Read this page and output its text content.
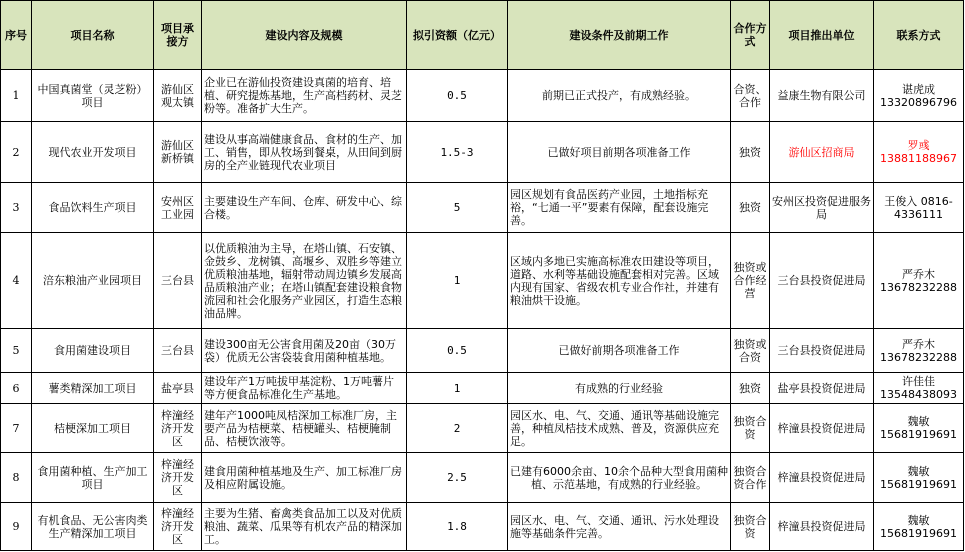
序号	项目名称	项目承接方	建设内容及规模	拟引资额（亿元）	建设条件及前期工作	合作方式	项目推出单位	联系方式
1	中国真菌堂（灵芝粉）项目	游仙区观太镇	企业已在游仙投资建设真菌的培育、培植、研究提炼基地，生产高档药材、灵芝粉等。准备扩大生产。	0.5	前期已正式投产，有成熟经验。	合资、合作	益康生物有限公司	谌虎成 13320896796
2	现代农业开发项目	游仙区新桥镇	建设从事高端健康食品、食材的生产、加工、销售，即从牧场到餐桌，从田间到厨房的全产业链现代农业项目	1.5-3	已做好项目前期各项准备工作	独资	游仙区招商局	罗彧 13881188967
3	食品饮料生产项目	安州区工业园	主要建设生产车间、仓库、研发中心、综合楼。	5	园区规划有食品医药产业园，土地指标充裕，“七通一平”要素有保障，配套设施完善。	独资	安州区投资促进服务局	王俊入 0816-4336111
4	涪东粮油产业园项目	三台县	以优质粮油为主导，在塔山镇、石安镇、金鼓乡、龙树镇、高堰乡、双胜乡等建立优质粮油基地，辐射带动周边镇乡发展高品质粮油产业；在塔山镇配套建设粮食物流园和社会化服务产业园区，打造生态粮油品牌。	1	区域内多地已实施高标准农田建设等项目，道路、水利等基础设施配套相对完善。区域内现有国家、省级农机专业合作社，并建有粮油烘干设施。	独资或合作经营	三台县投资促进局	严乔木 13678232288
5	食用菌建设项目	三台县	建设300亩无公害食用菌及20亩（30万袋）优质无公害袋装食用菌种植基地。	0.5	已做好前期各项准备工作	独资或合资	三台县投资促进局	严乔木 13678232288
6	薯类精深加工项目	盐亭县	建设年产1万吨拔甲基淀粉、1万吨薯片等方便食品标准化生产基地。	1	有成熟的行业经验	独资	盐亭县投资促进局	许佳佳 13548438093
7	桔梗深加工项目	梓潼经济开发区	建年产1000吨凤桔深加工标准厂房，主要产品为桔梗菜、桔梗罐头、桔梗腌制品、桔梗饮液等。	2	园区水、电、气、交通、通讯等基础设施完善，种植凤桔技术成熟、普及，资源供应充足。	独资合资	梓潼县投资促进局	魏敏 15681919691
8	食用菌种植、生产加工项目	梓潼经济开发区	建食用菌种植基地及生产、加工标准厂房及相应附属设施。	2.5	已建有6000余亩、10余个品种大型食用菌种植、示范基地，有成熟的行业经验。	独资合资合作	梓潼县投资促进局	魏敏 15681919691
9	有机食品、无公害肉类生产精深加工项目	梓潼经济开发区	主要为生猪、畜禽类食品加工以及对优质粮油、蔬菜、瓜果等有机农产品的精深加工。	1.8	园区水、电、气、交通、通讯、污水处理设施等基础条件完善。	独资合资	梓潼县投资促进局	魏敏 15681919691
